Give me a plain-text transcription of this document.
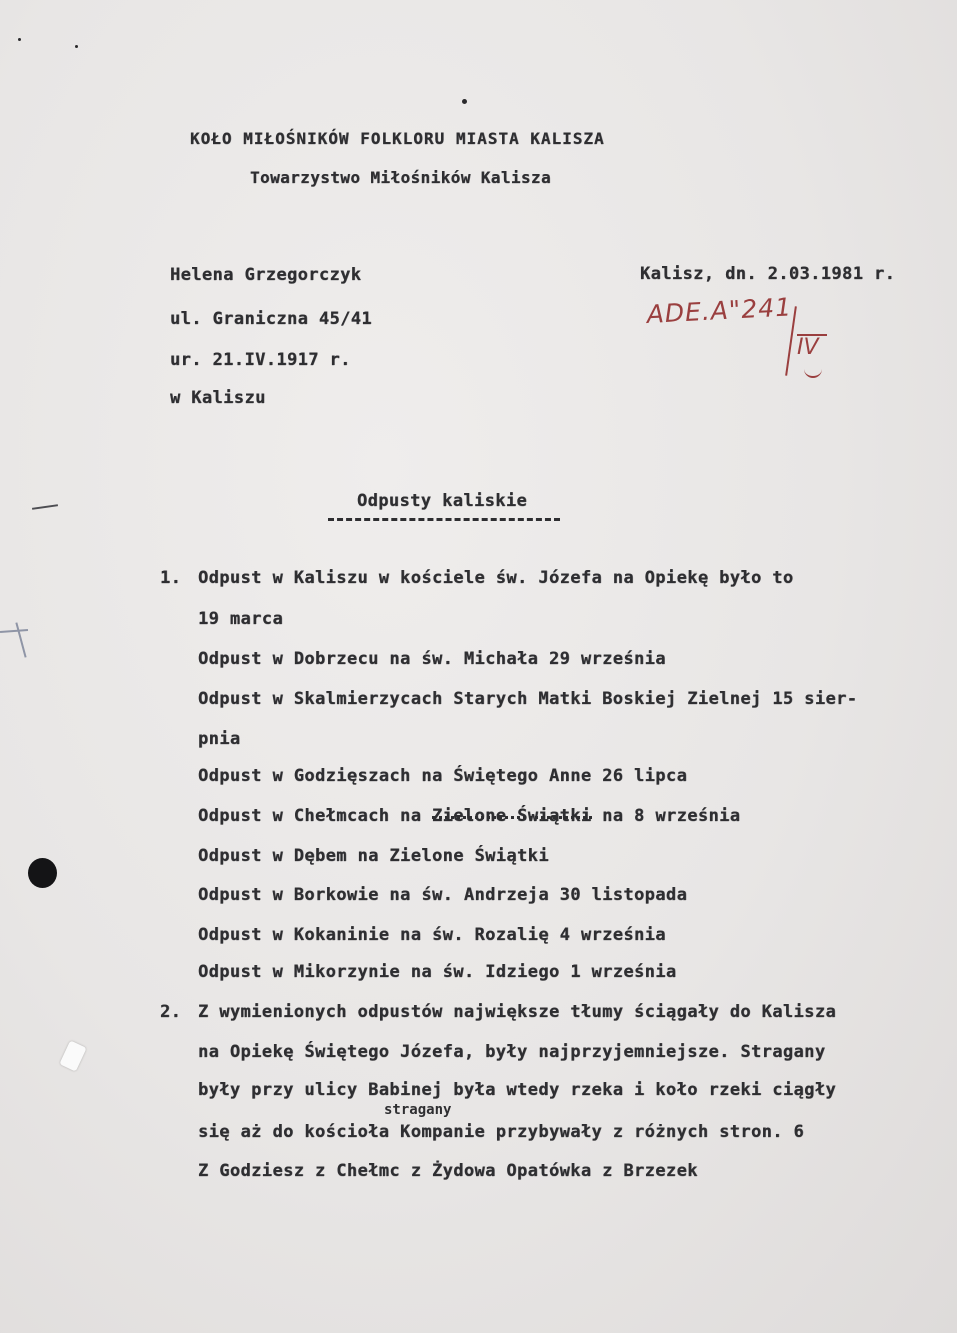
KOŁO MIŁOŚNIKÓW FOLKLORU MIASTA KALISZA
Towarzystwo Miłośników Kalisza
Helena Grzegorczyk
ul. Graniczna 45/41
ur. 21.IV.1917 r.
w Kaliszu
Kalisz, dn. 2.03.1981 r.
ADE.A"241
IV
Odpusty kaliskie
1. Odpust w Kaliszu w kościele św. Józefa na Opiekę było to
19 marca
Odpust w Dobrzecu na św. Michała 29 września
Odpust w Skalmierzycach Starych Matki Boskiej Zielnej 15 sier-
pnia
Odpust w Godzięszach na Świętego Anne 26 lipca
Odpust w Chełmcach na Zielone Świątki na 8 września
Odpust w Dębem na Zielone Świątki
Odpust w Borkowie na św. Andrzeja 30 listopada
Odpust w Kokaninie na św. Rozalię 4 września
Odpust w Mikorzynie na św. Idziego 1 września
2. Z wymienionych odpustów największe tłumy ściągały do Kalisza
na Opiekę Świętego Józefa, były najprzyjemniejsze. Stragany
były przy ulicy Babinej była wtedy rzeka i koło rzeki ciągły
stragany
się aż do kościoła Kompanie przybywały z różnych stron. 6
Z Godziesz z Chełmc z Żydowa Opatówka z Brzezek
